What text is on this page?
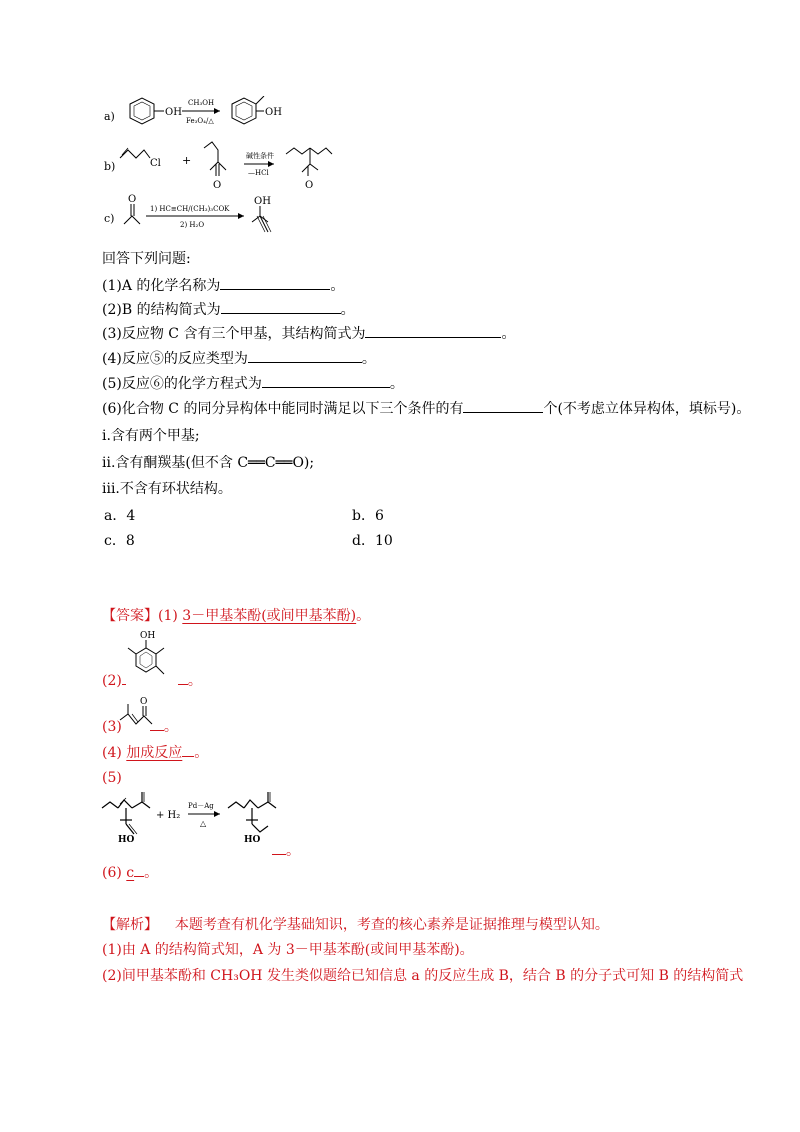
a)	OH
CH₃OH
Fe₃O₄/△
OH
b)	Cl +
O
碱性条件
—HCl
O
c)
O
1) HC≡CH/(CH₃)₃COK
2) H₂O
OH
回答下列问题:
(1)A 的化学名称为	。
(2)B 的结构简式为	。
(3)反应物 C 含有三个甲基，其结构简式为	。
(4)反应⑤的反应类型为	。
(5)反应⑥的化学方程式为	。
(6)化合物 C 的同分异构体中能同时满足以下三个条件的有	个(不考虑立体异构体，填标号)。
ⅰ.含有两个甲基;
ⅱ.含有酮羰基(但不含 C══C══O);
ⅲ.不含有环状结构。
a．4	b．6
c．8	d．10
【答案】(1) 3－甲基苯酚(或间甲基苯酚)。
OH
(2)	。
O
(3)	。
(4) 加成反应 。
(5)
HO
+ H₂
Pd－Ag
△
HO
。
(6) c 。
【解析】 本题考查有机化学基础知识，考查的核心素养是证据推理与模型认知。
(1)由 A 的结构简式知，A 为 3－甲基苯酚(或间甲基苯酚)。
(2)间甲基苯酚和 CH₃OH 发生类似题给已知信息 a 的反应生成 B，结合 B 的分子式可知 B 的结构简式
